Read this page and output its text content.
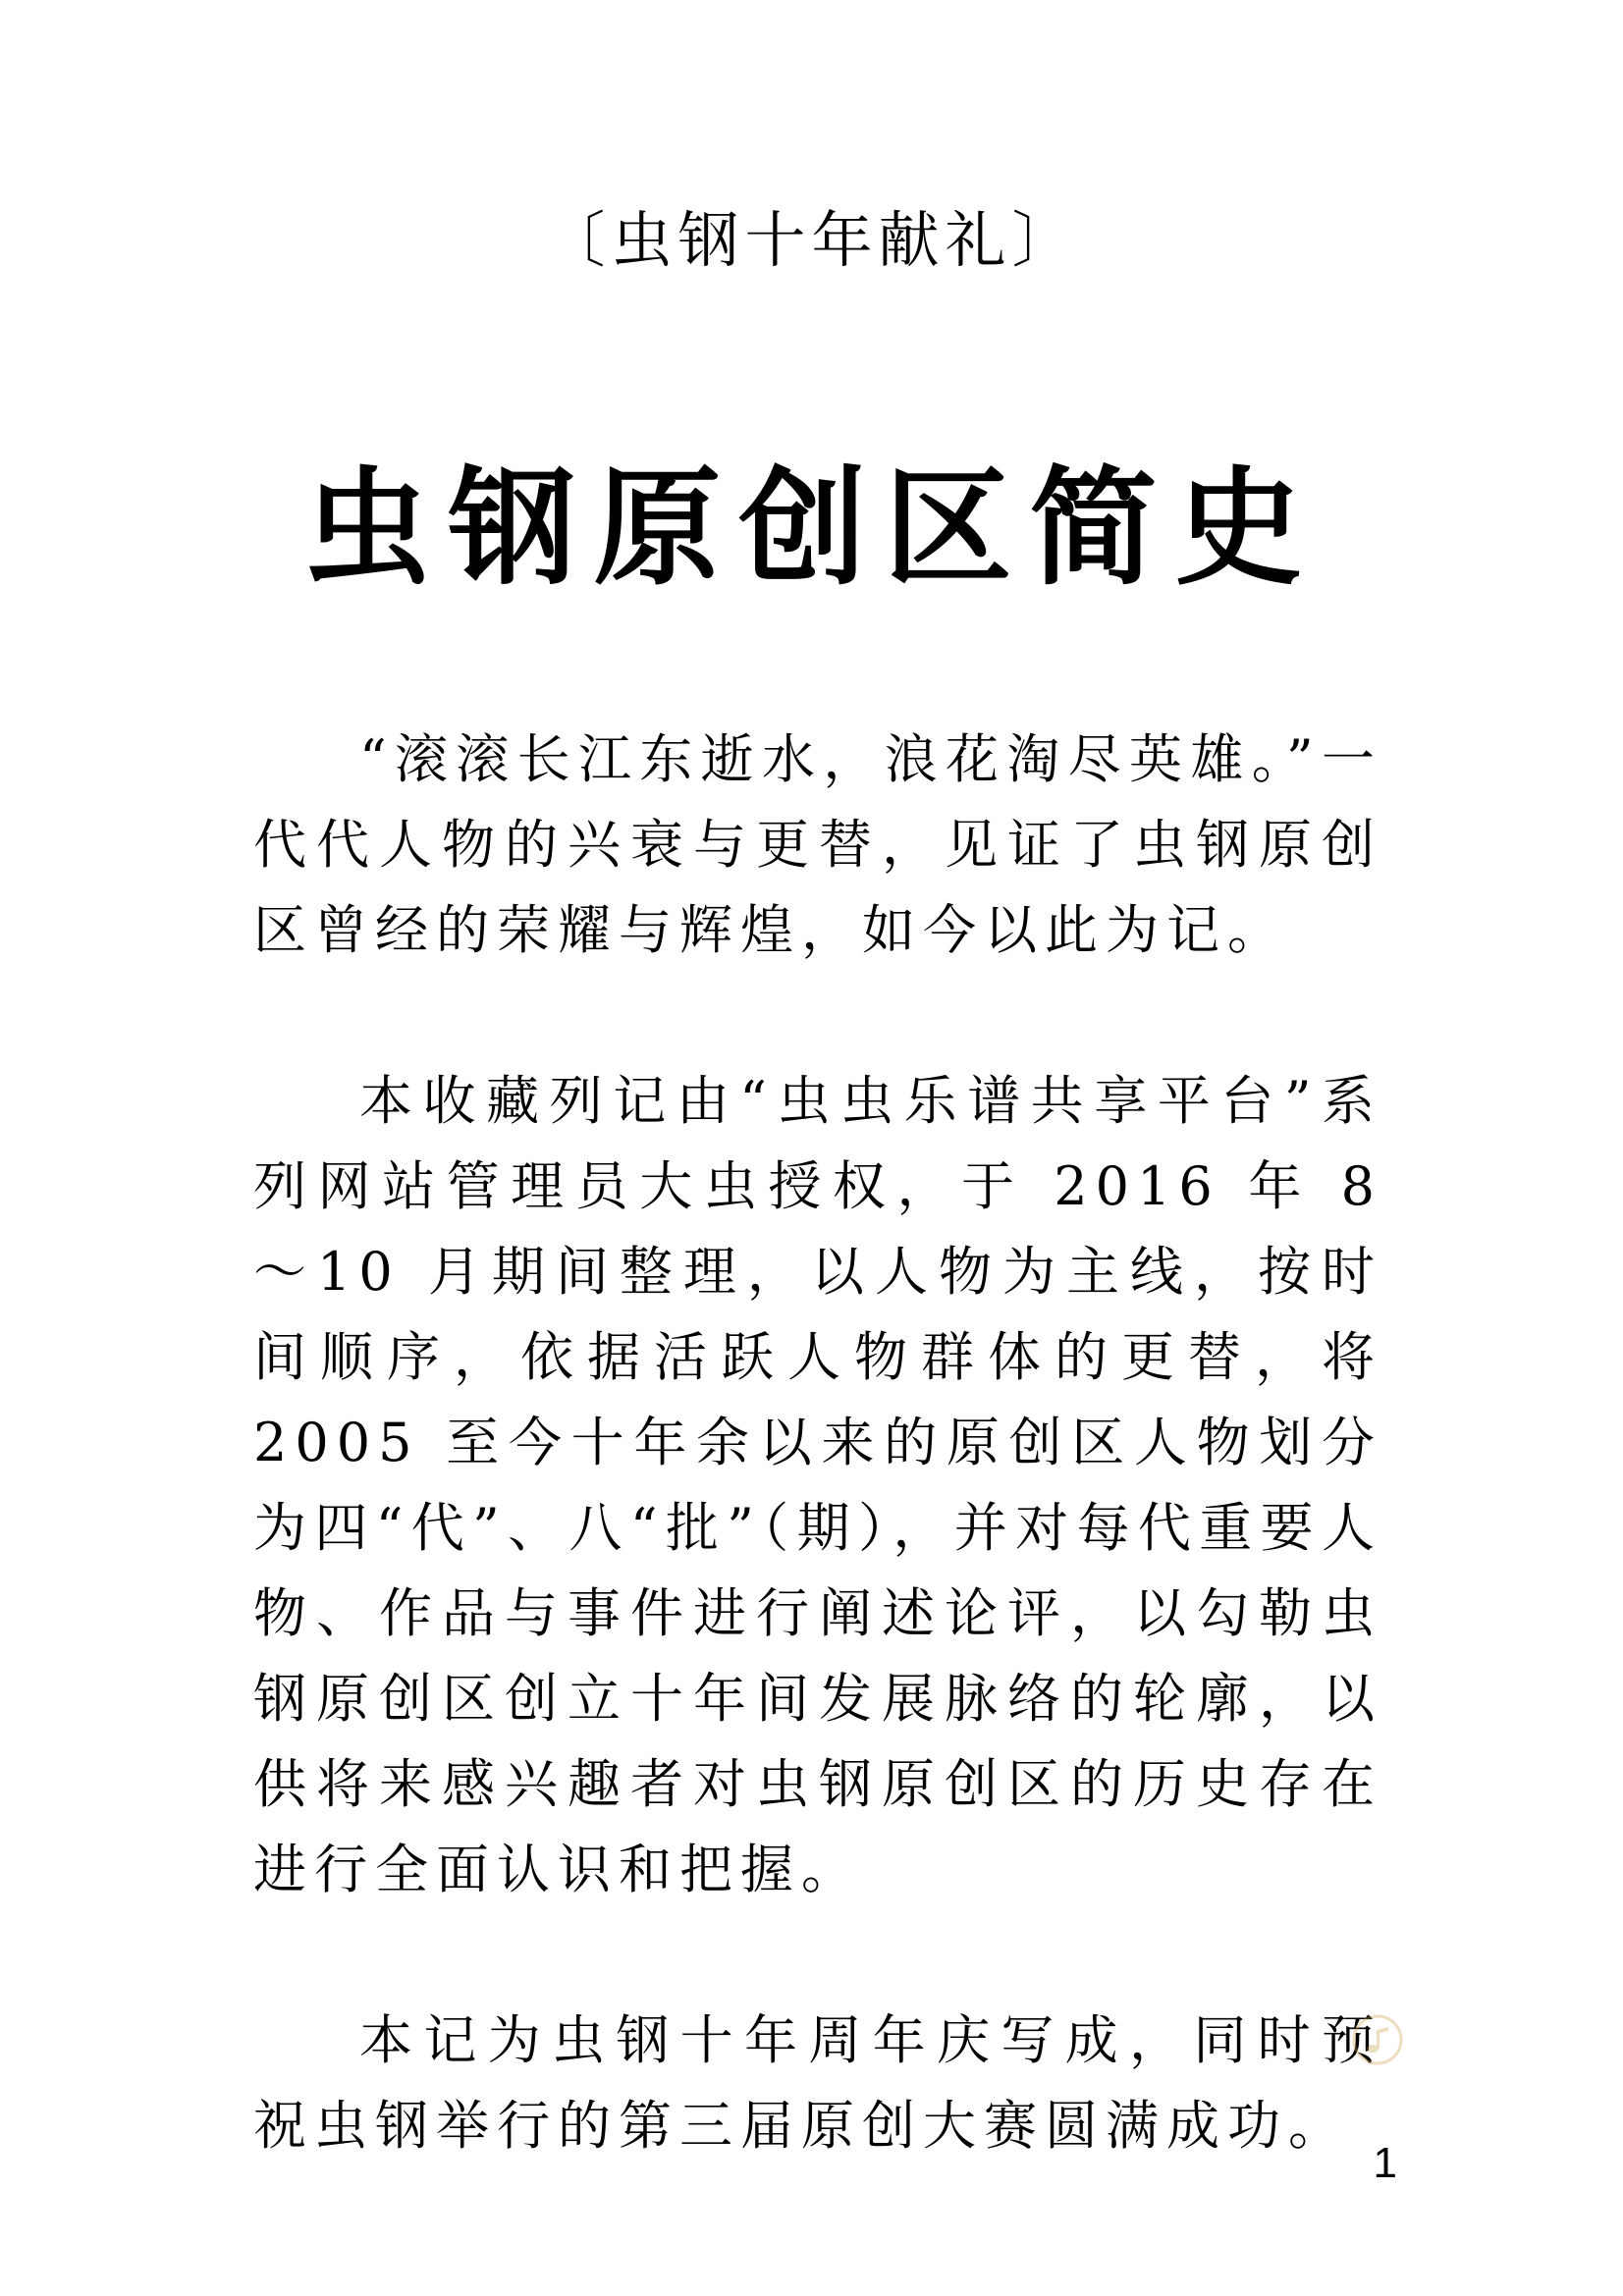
〔虫钢十年献礼〕
虫钢原创区简史

“滚滚长江东逝水，浪花淘尽英雄。”一代代人物的兴衰与更替，见证了虫钢原创区曾经的荣耀与辉煌，如今以此为记。

本收藏列记由“虫虫乐谱共享平台”系列网站管理员大虫授权，于 2016 年 8～10 月期间整理，以人物为主线，按时间顺序，依据活跃人物群体的更替，将 2005 至今十年余以来的原创区人物划分为四“代”、八“批”（期），并对每代重要人物、作品与事件进行阐述论评，以勾勒虫钢原创区创立十年间发展脉络的轮廓，以供将来感兴趣者对虫钢原创区的历史存在进行全面认识和把握。

本记为虫钢十年周年庆写成，同时预祝虫钢举行的第三届原创大赛圆满成功。

1
